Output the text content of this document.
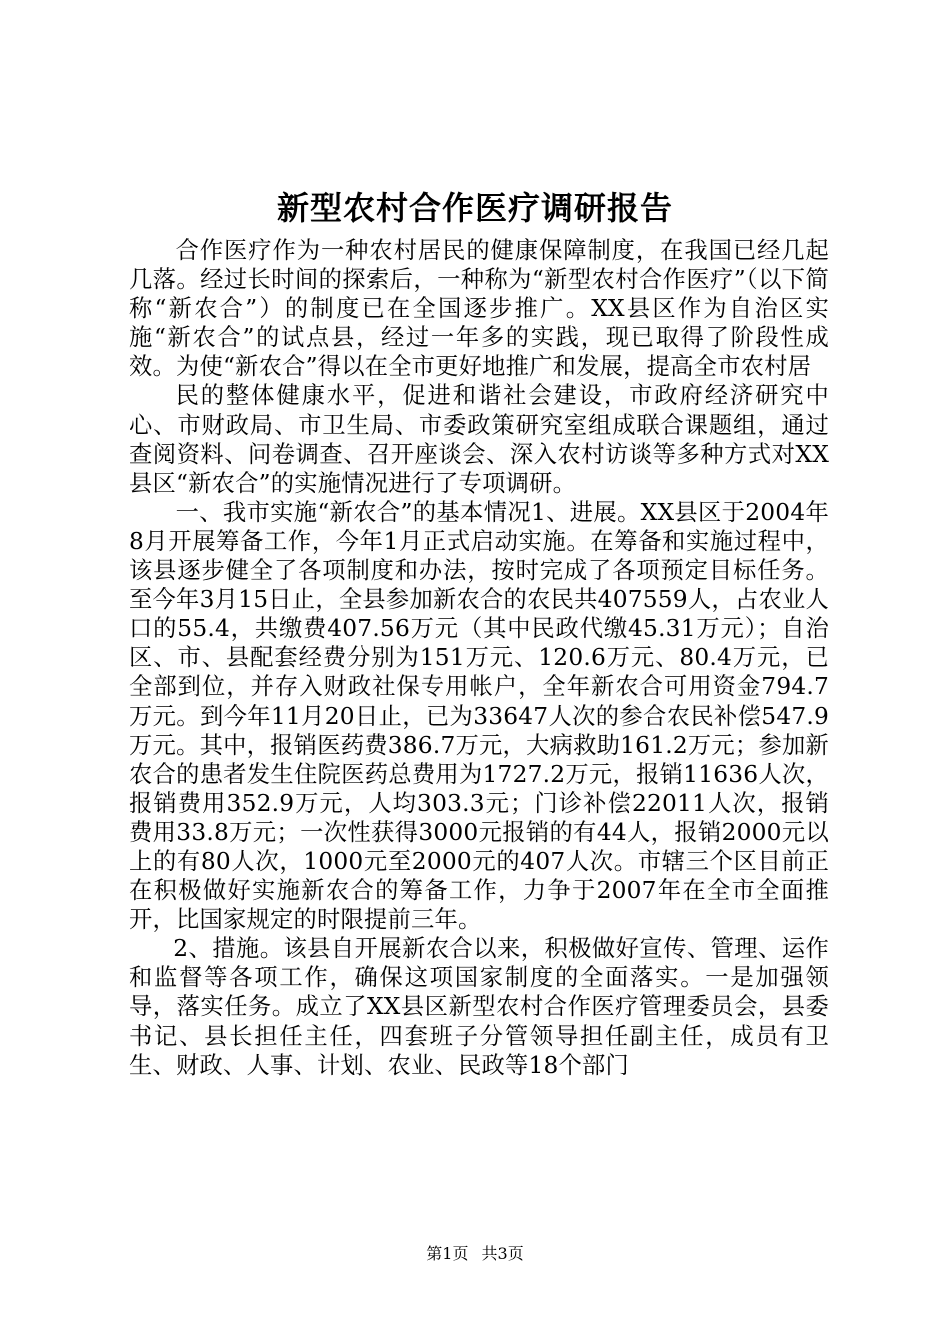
新型农村合作医疗调研报告

合作医疗作为一种农村居民的健康保障制度，在我国已经几起几落。经过长时间的探索后，一种称为“新型农村合作医疗”（以下简称“新农合”）的制度已在全国逐步推广。XX县区作为自治区实施“新农合”的试点县，经过一年多的实践，现已取得了阶段性成效。为使“新农合”得以在全市更好地推广和发展，提高全市农村居

民的整体健康水平，促进和谐社会建设，市政府经济研究中心、市财政局、市卫生局、市委政策研究室组成联合课题组，通过查阅资料、问卷调查、召开座谈会、深入农村访谈等多种方式对XX县区“新农合”的实施情况进行了专项调研。

一、我市实施“新农合”的基本情况1、进展。XX县区于2004年8月开展筹备工作，今年1月正式启动实施。在筹备和实施过程中，该县逐步健全了各项制度和办法，按时完成了各项预定目标任务。至今年3月15日止，全县参加新农合的农民共407559人，占农业人口的55.4，共缴费407.56万元（其中民政代缴45.31万元）；自治区、市、县配套经费分别为151万元、120.6万元、80.4万元，已全部到位，并存入财政社保专用帐户，全年新农合可用资金794.7万元。到今年11月20日止，已为33647人次的参合农民补偿547.9万元。其中，报销医药费386.7万元，大病救助161.2万元；参加新农合的患者发生住院医药总费用为1727.2万元，报销11636人次，报销费用352.9万元，人均303.3元；门诊补偿22011人次，报销费用33.8万元；一次性获得3000元报销的有44人，报销2000元以上的有80人次，1000元至2000元的407人次。市辖三个区目前正在积极做好实施新农合的筹备工作，力争于2007年在全市全面推开，比国家规定的时限提前三年。

2、措施。该县自开展新农合以来，积极做好宣传、管理、运作和监督等各项工作，确保这项国家制度的全面落实。一是加强领导，落实任务。成立了XX县区新型农村合作医疗管理委员会，县委书记、县长担任主任，四套班子分管领导担任副主任，成员有卫生、财政、人事、计划、农业、民政等18个部门

第1页 共3页
